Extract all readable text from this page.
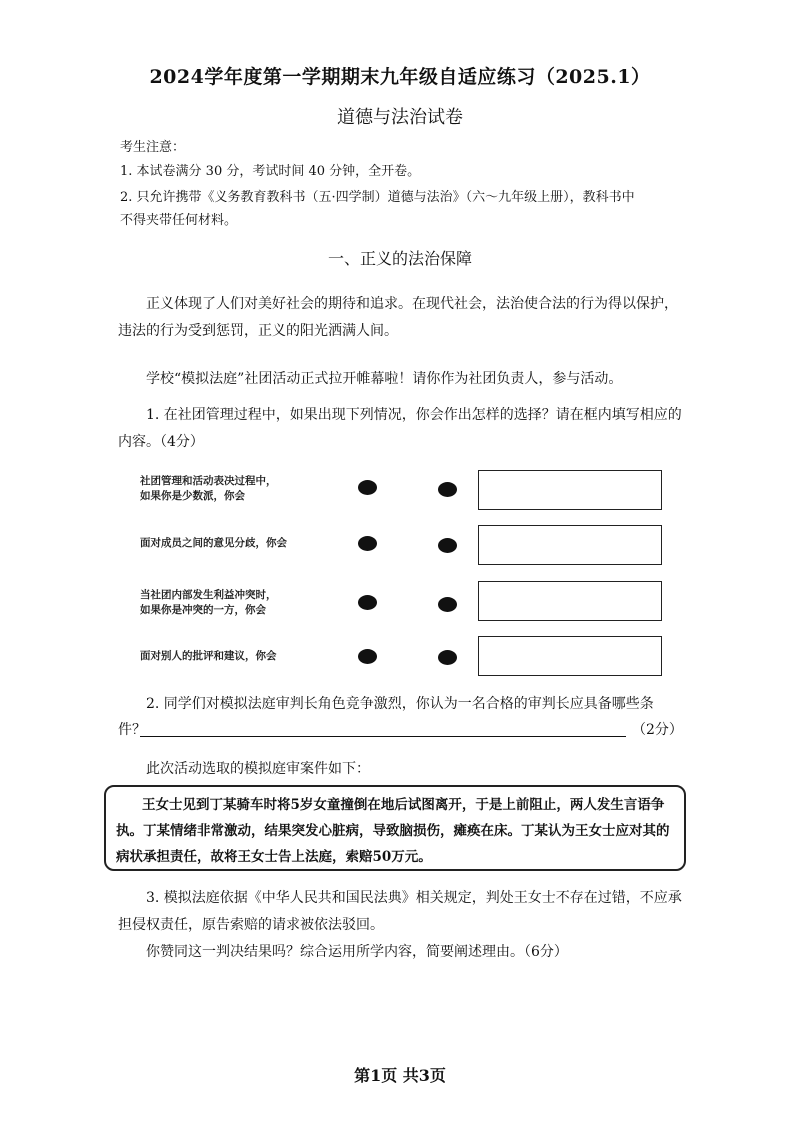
2024学年度第一学期期末九年级自适应练习（2025.1）
道德与法治试卷
考生注意：
1. 本试卷满分 30 分，考试时间 40 分钟，全开卷。
2. 只允许携带《义务教育教科书（五·四学制）道德与法治》（六～九年级上册），教科书中
不得夹带任何材料。
一、正义的法治保障
正义体现了人们对美好社会的期待和追求。在现代社会，法治使合法的行为得以保护，违法的行为受到惩罚，正义的阳光洒满人间。
学校“模拟法庭”社团活动正式拉开帷幕啦！请你作为社团负责人，参与活动。
1. 在社团管理过程中，如果出现下列情况，你会作出怎样的选择？请在框内填写相应的内容。（4分）
社团管理和活动表决过程中，
如果你是少数派，你会
面对成员之间的意见分歧，你会
当社团内部发生利益冲突时，
如果你是冲突的一方，你会
面对别人的批评和建议，你会
2. 同学们对模拟法庭审判长角色竞争激烈，你认为一名合格的审判长应具备哪些条
件？	（2分）
此次活动选取的模拟庭审案件如下：
王女士见到丁某骑车时将5岁女童撞倒在地后试图离开，于是上前阻止，两人发生言语争执。丁某情绪非常激动，结果突发心脏病，导致脑损伤，瘫痪在床。丁某认为王女士应对其的病状承担责任，故将王女士告上法庭，索赔50万元。
3. 模拟法庭依据《中华人民共和国民法典》相关规定，判处王女士不存在过错，不应承担侵权责任，原告索赔的请求被依法驳回。
你赞同这一判决结果吗？综合运用所学内容，简要阐述理由。（6分）
第1页 共3页
